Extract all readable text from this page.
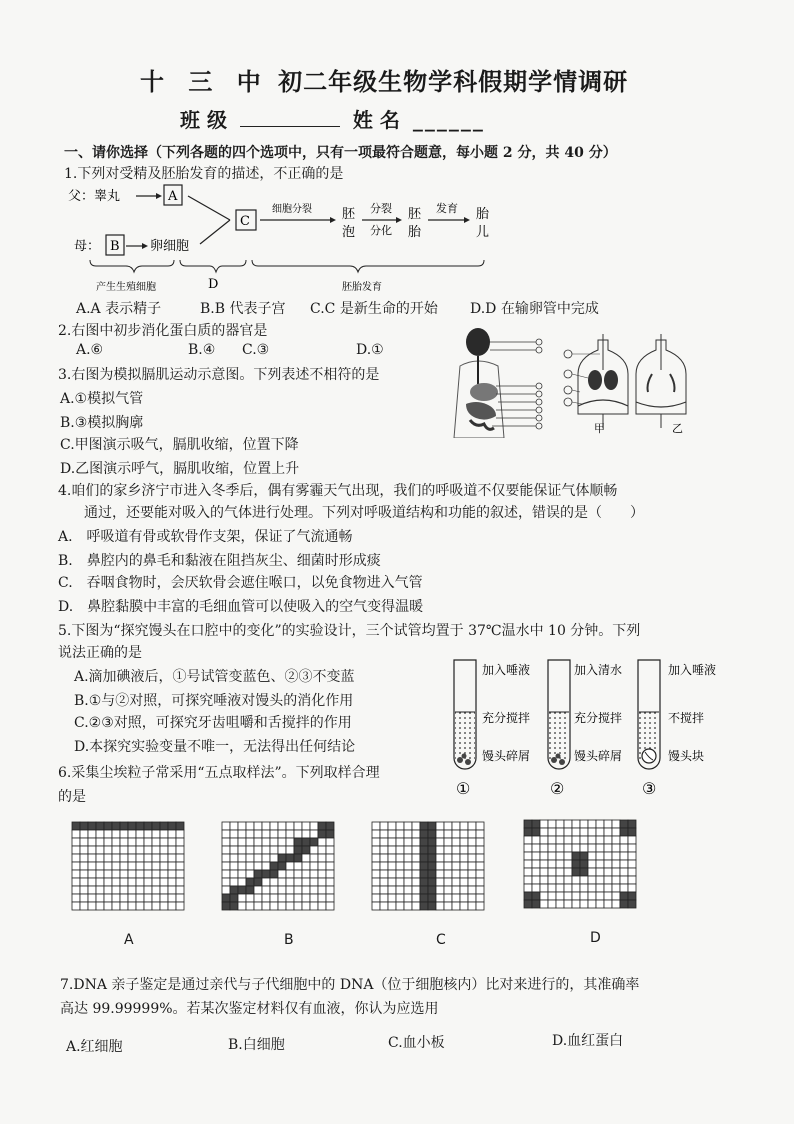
十 三 中 初二年级生物学科假期学情调研
班 级	姓 名 ______
一、请你选择（下列各题的四个选项中，只有一项最符合题意，每小题 2 分，共 40 分）
1.下列对受精及胚胎发育的描述，不正确的是
父：睾丸	A
母： B 卵细胞
C
细胞分裂 胚
泡
分裂
分化
胚
胎
发育 胎
儿
产生生殖细胞	D	胚胎发育
A.A 表示精子	B.B 代表子宫 C.C 是新生命的开始 D.D 在输卵管中完成
2.右图中初步消化蛋白质的器官是
A.⑥	B.④ C.③	D.①
甲	乙
3.右图为模拟膈肌运动示意图。下列表述不相符的是
A.①模拟气管
B.③模拟胸廓
C.甲图演示吸气，膈肌收缩，位置下降
D.乙图演示呼气，膈肌收缩，位置上升
4.咱们的家乡济宁市进入冬季后，偶有雾霾天气出现，我们的呼吸道不仅要能保证气体顺畅
通过，还要能对吸入的气体进行处理。下列对呼吸道结构和功能的叙述，错误的是（　　）
A.　呼吸道有骨或软骨作支架，保证了气流通畅
B.　鼻腔内的鼻毛和黏液在阻挡灰尘、细菌时形成痰
C.　吞咽食物时，会厌软骨会遮住喉口，以免食物进入气管
D.　鼻腔黏膜中丰富的毛细血管可以使吸入的空气变得温暖
5.下图为“探究馒头在口腔中的变化”的实验设计，三个试管均置于 37℃温水中 10 分钟。下列
说法正确的是
A.滴加碘液后，①号试管变蓝色、②③不变蓝
B.①与②对照，可探究唾液对馒头的消化作用
C.②③对照，可探究牙齿咀嚼和舌搅拌的作用
D.本探究实验变量不唯一，无法得出任何结论
加入唾液
充分搅拌
馒头碎屑
加入清水
充分搅拌
馒头碎屑
加入唾液
不搅拌
馒头块
①	②	③
6.采集尘埃粒子常采用“五点取样法”。下列取样合理
的是
A	B	C	D
7.DNA 亲子鉴定是通过亲代与子代细胞中的 DNA（位于细胞核内）比对来进行的，其准确率
高达 99.99999%。若某次鉴定材料仅有血液，你认为应选用
A.红细胞	B.白细胞	C.血小板	D.血红蛋白
